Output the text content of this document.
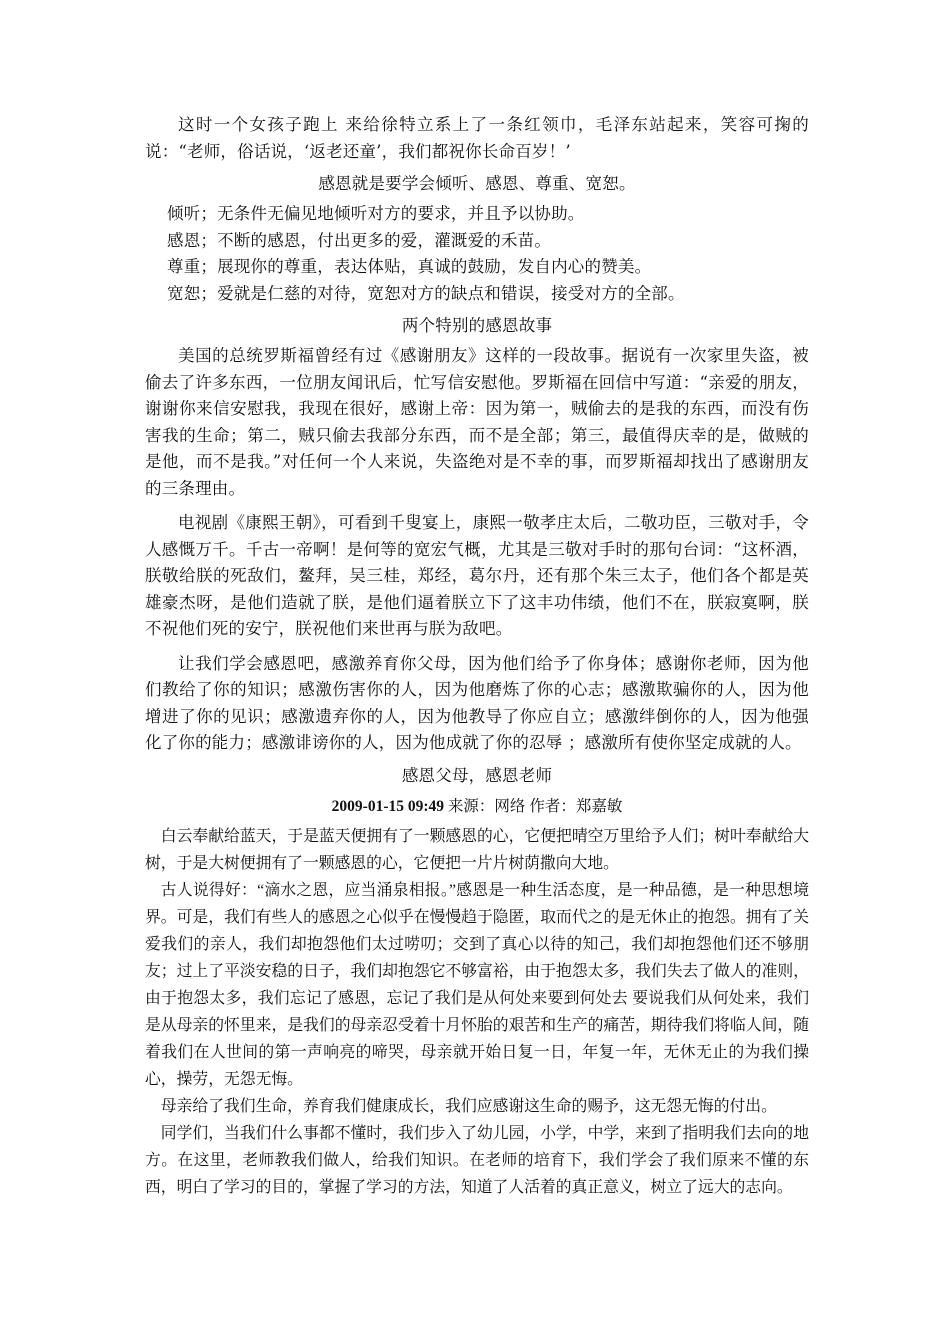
这时一个女孩子跑上 来给徐特立系上了一条红领巾，毛泽东站起来，笑容可掬的说：“老师，俗话说，‘返老还童’，我们都祝你长命百岁！’

感恩就是要学会倾听、感恩、尊重、宽恕。

倾听；无条件无偏见地倾听对方的要求，并且予以协助。

感恩；不断的感恩，付出更多的爱，灌溉爱的禾苗。

尊重；展现你的尊重，表达体贴，真诚的鼓励，发自内心的赞美。

宽恕；爱就是仁慈的对待，宽恕对方的缺点和错误，接受对方的全部。

两个特别的感恩故事

美国的总统罗斯福曾经有过《感谢朋友》这样的一段故事。据说有一次家里失盗，被偷去了许多东西，一位朋友闻讯后，忙写信安慰他。罗斯福在回信中写道：“亲爱的朋友，谢谢你来信安慰我，我现在很好，感谢上帝：因为第一，贼偷去的是我的东西，而没有伤害我的生命；第二，贼只偷去我部分东西，而不是全部；第三，最值得庆幸的是，做贼的是他，而不是我。”对任何一个人来说，失盗绝对是不幸的事，而罗斯福却找出了感谢朋友的三条理由。

电视剧《康熙王朝》，可看到千叟宴上，康熙一敬孝庄太后，二敬功臣，三敬对手，令人感慨万千。千古一帝啊！是何等的宽宏气概，尤其是三敬对手时的那句台词：“这杯酒，朕敬给朕的死敌们，鳌拜，吴三桂，郑经，葛尔丹，还有那个朱三太子，他们各个都是英雄豪杰呀，是他们造就了朕，是他们逼着朕立下了这丰功伟绩，他们不在，朕寂寞啊，朕不祝他们死的安宁，朕祝他们来世再与朕为敌吧。

让我们学会感恩吧，感激养育你父母，因为他们给予了你身体；感谢你老师，因为他们教给了你的知识；感激伤害你的人，因为他磨炼了你的心志；感激欺骗你的人，因为他增进了你的见识；感激遗弃你的人，因为他教导了你应自立；感激绊倒你的人，因为他强化了你的能力；感激诽谤你的人，因为他成就了你的忍辱 ；感激所有使你坚定成就的人。

感恩父母，感恩老师

2009-01-15 09:49 来源：网络 作者：郑嘉敏

白云奉献给蓝天，于是蓝天便拥有了一颗感恩的心，它便把晴空万里给予人们；树叶奉献给大树，于是大树便拥有了一颗感恩的心，它便把一片片树荫撒向大地。

古人说得好：“滴水之恩，应当涌泉相报。”感恩是一种生活态度，是一种品德，是一种思想境界。可是，我们有些人的感恩之心似乎在慢慢趋于隐匿，取而代之的是无休止的抱怨。拥有了关爱我们的亲人，我们却抱怨他们太过唠叨；交到了真心以待的知己，我们却抱怨他们还不够朋友；过上了平淡安稳的日子，我们却抱怨它不够富裕，由于抱怨太多，我们失去了做人的准则，由于抱怨太多，我们忘记了感恩，忘记了我们是从何处来要到何处去 要说我们从何处来，我们是从母亲的怀里来，是我们的母亲忍受着十月怀胎的艰苦和生产的痛苦，期待我们将临人间，随着我们在人世间的第一声响亮的啼哭，母亲就开始日复一日，年复一年，无休无止的为我们操心，操劳，无怨无悔。

母亲给了我们生命，养育我们健康成长，我们应感谢这生命的赐予，这无怨无悔的付出。

同学们，当我们什么事都不懂时，我们步入了幼儿园，小学，中学，来到了指明我们去向的地方。在这里，老师教我们做人，给我们知识。在老师的培育下，我们学会了我们原来不懂的东西，明白了学习的目的，掌握了学习的方法，知道了人活着的真正意义，树立了远大的志向。
